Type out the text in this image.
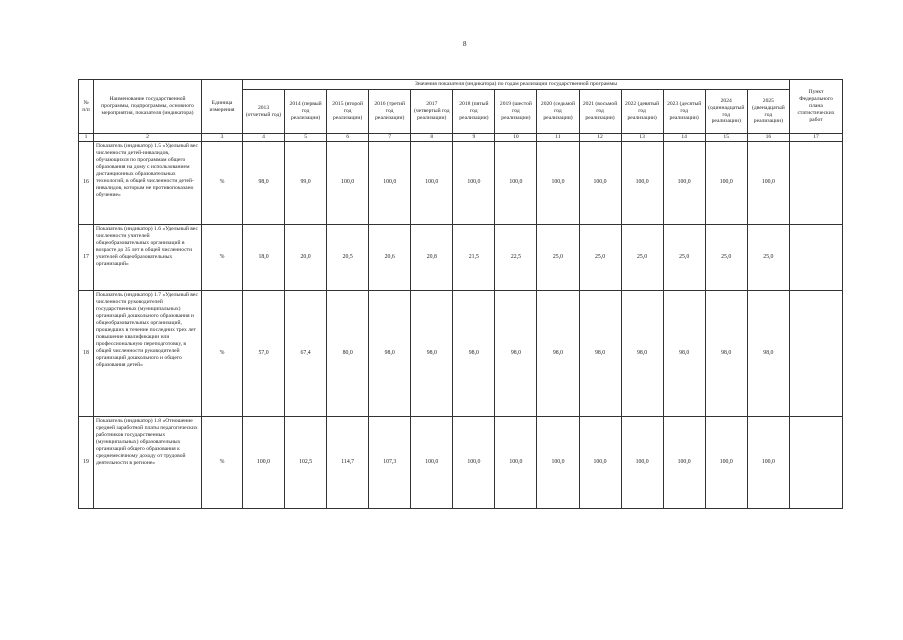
8
№ п/п	Наименование государственной программы, подпрограммы, основного мероприятия, показателя (индикатора)	Единица измерения	Значения показателя (индикатора) по годам реализации государственной программы													Пункт Федерального плана статистических работ
			2013 (отчетный год)	2014 (первый год реализации)	2015 (второй год реализации)	2016 (третий год реализации)	2017 (четвертый год реализации)	2018 (пятый год реализации)	2019 (шестой год реализации)	2020 (седьмой год реализации)	2021 (восьмой год реализации)	2022 (девятый год реализации)	2023 (десятый год реализации)	2024 (одиннадцатый год реализации)	2025 (двенадцатый год реализации)	
1	2	3	4	5	6	7	8	9	10	11	12	13	14	15	16	17
16	Показатель (индикатор) 1.5 «Удельный вес численности детей-инвалидов, обучающихся по программам общего образования на дому с использованием дистанционных образовательных технологий, в общей численности детей-инвалидов, которым не противопоказано обучение»	%	98,0	99,0	100,0	100,0	100,0	100,0	100,0	100,0	100,0	100,0	100,0	100,0	100,0	
17	Показатель (индикатор) 1.6 «Удельный вес численности учителей общеобразовательных организаций в возрасте до 35 лет в общей численности учителей общеобразовательных организаций»	%	18,0	20,0	20,5	20,6	20,8	21,5	22,5	25,0	25,0	25,0	25,0	25,0	25,0	
18	Показатель (индикатор) 1.7 «Удельный вес численности руководителей государственных (муниципальных) организаций дошкольного образования и общеобразовательных организаций, прошедших в течение последних трех лет повышение квалификации или профессиональную переподготовку, в общей численности руководителей организаций дошкольного и общего образования детей»	%	57,0	67,4	80,0	98,0	98,0	98,0	98,0	98,0	98,0	98,0	98,0	98,0	98,0	
19	Показатель (индикатор) 1.8 «Отношение средней заработной платы педагогических работников государственных (муниципальных) образовательных организаций общего образования к среднемесячному доходу от трудовой деятельности в регионе»	%	100,0	102,5	114,7	107,3	100,0	100,0	100,0	100,0	100,0	100,0	100,0	100,0	100,0	
